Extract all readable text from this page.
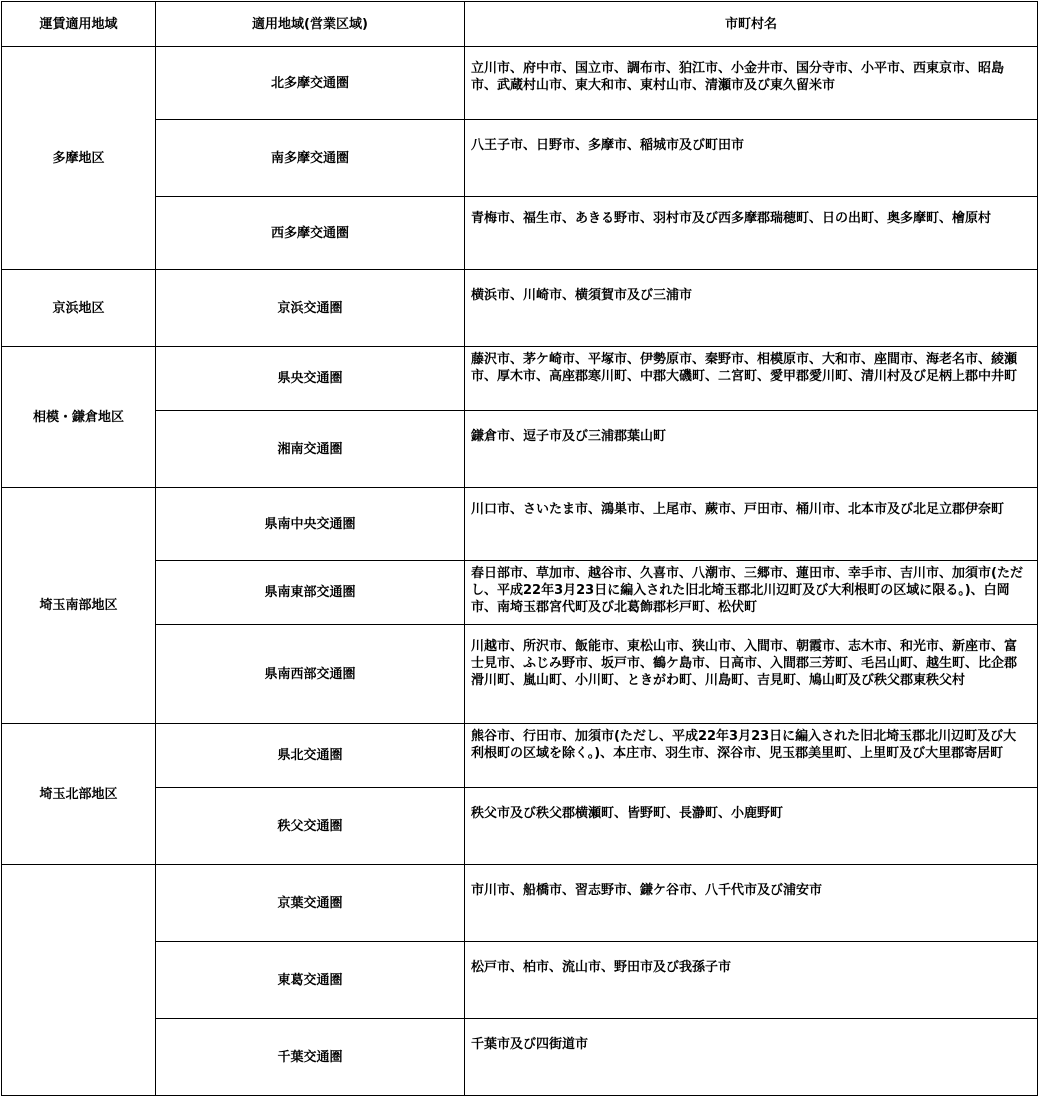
運賃適用地域	適用地域(営業区域)	市町村名
多摩地区	北多摩交通圏	立川市、府中市、国立市、調布市、狛江市、小金井市、国分寺市、小平市、西東京市、昭島市、武蔵村山市、東大和市、東村山市、清瀬市及び東久留米市
	南多摩交通圏	八王子市、日野市、多摩市、稲城市及び町田市
	西多摩交通圏	青梅市、福生市、あきる野市、羽村市及び西多摩郡瑞穂町、日の出町、奥多摩町、檜原村
京浜地区	京浜交通圏	横浜市、川崎市、横須賀市及び三浦市
相模・鎌倉地区	県央交通圏	藤沢市、茅ケ崎市、平塚市、伊勢原市、秦野市、相模原市、大和市、座間市、海老名市、綾瀬市、厚木市、高座郡寒川町、中郡大磯町、二宮町、愛甲郡愛川町、清川村及び足柄上郡中井町
	湘南交通圏	鎌倉市、逗子市及び三浦郡葉山町
埼玉南部地区	県南中央交通圏	川口市、さいたま市、鴻巣市、上尾市、蕨市、戸田市、桶川市、北本市及び北足立郡伊奈町
	県南東部交通圏	春日部市、草加市、越谷市、久喜市、八潮市、三郷市、蓮田市、幸手市、吉川市、加須市(ただし、平成22年3月23日に編入された旧北埼玉郡北川辺町及び大利根町の区域に限る。)、白岡市、南埼玉郡宮代町及び北葛飾郡杉戸町、松伏町
	県南西部交通圏	川越市、所沢市、飯能市、東松山市、狭山市、入間市、朝霞市、志木市、和光市、新座市、富士見市、ふじみ野市、坂戸市、鶴ケ島市、日高市、入間郡三芳町、毛呂山町、越生町、比企郡滑川町、嵐山町、小川町、ときがわ町、川島町、吉見町、鳩山町及び秩父郡東秩父村
埼玉北部地区	県北交通圏	熊谷市、行田市、加須市(ただし、平成22年3月23日に編入された旧北埼玉郡北川辺町及び大利根町の区域を除く。)、本庄市、羽生市、深谷市、児玉郡美里町、上里町及び大里郡寄居町
	秩父交通圏	秩父市及び秩父郡横瀬町、皆野町、長瀞町、小鹿野町
	京葉交通圏	市川市、船橋市、習志野市、鎌ケ谷市、八千代市及び浦安市
	東葛交通圏	松戸市、柏市、流山市、野田市及び我孫子市
	千葉交通圏	千葉市及び四街道市
